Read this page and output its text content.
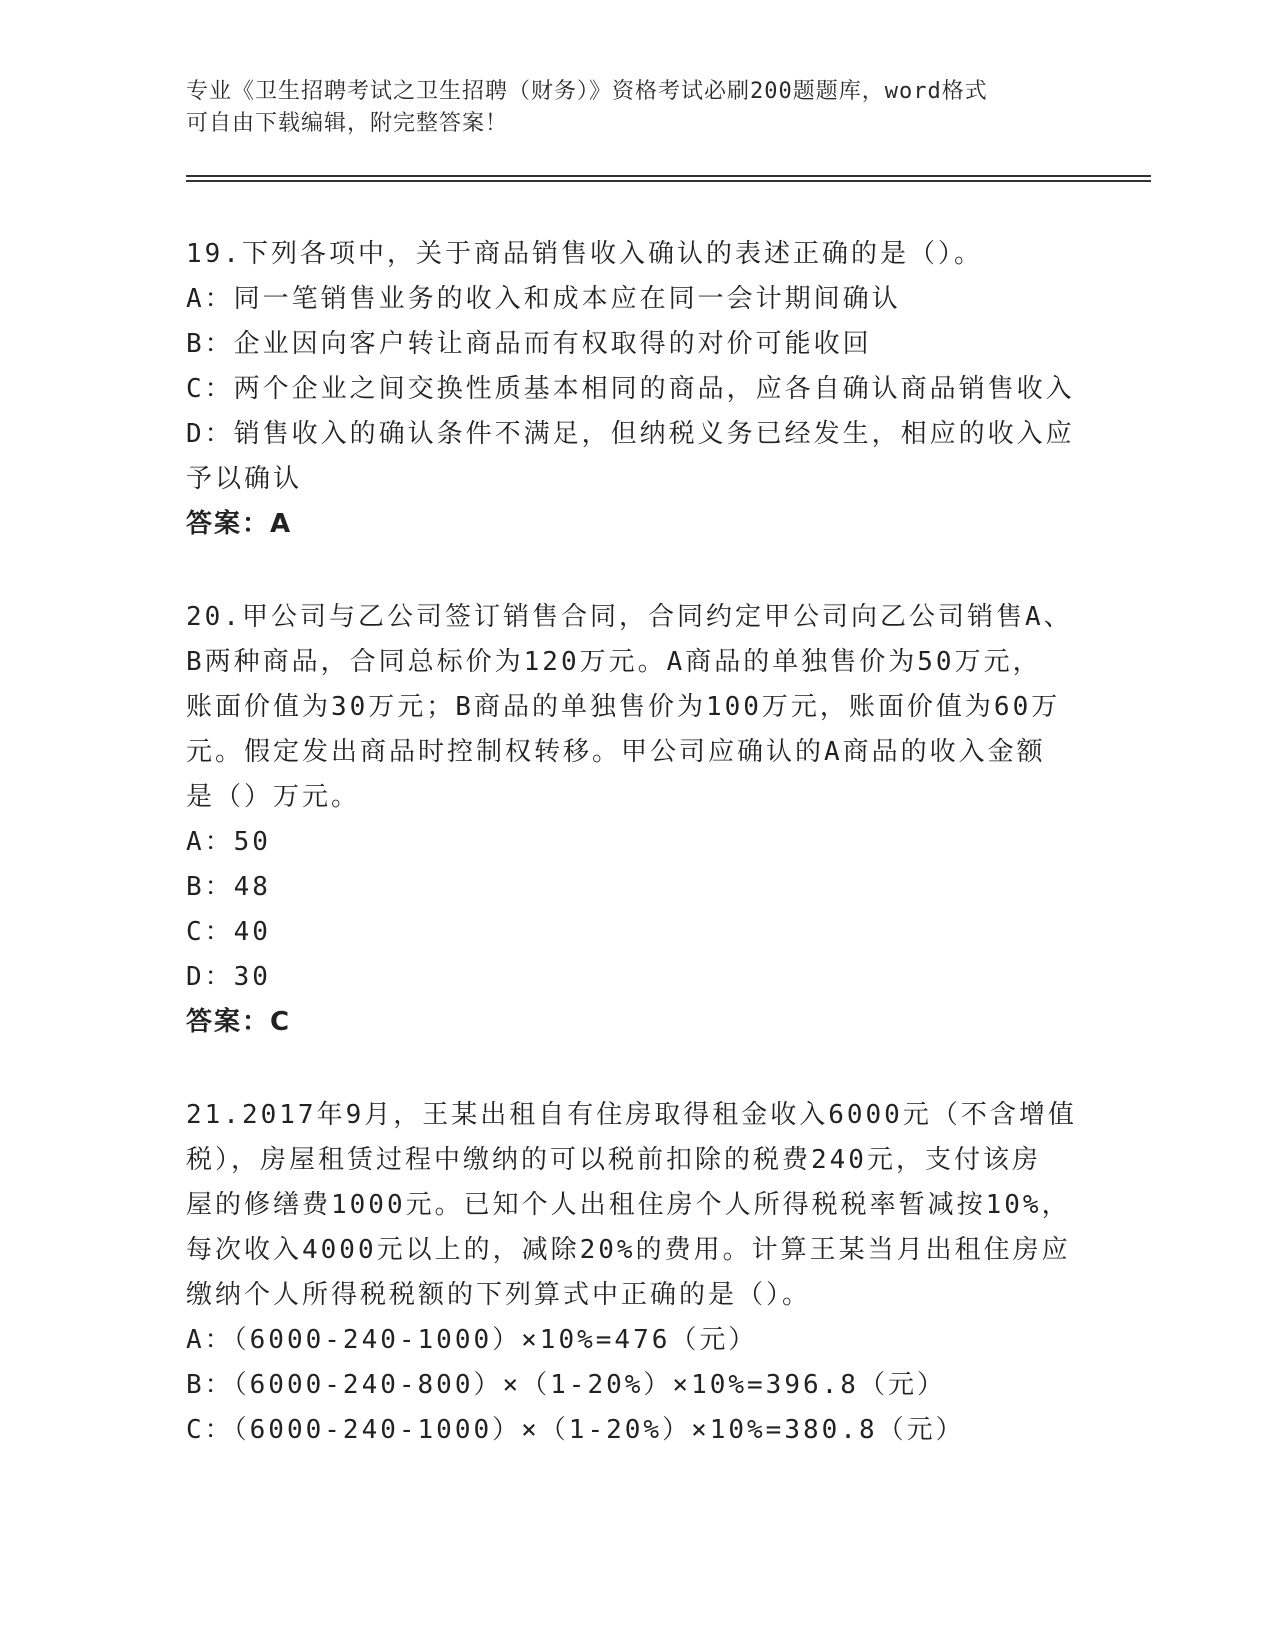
专业《卫生招聘考试之卫生招聘（财务）》资格考试必刷200题题库，word格式
可自由下载编辑，附完整答案！
19.下列各项中，关于商品销售收入确认的表述正确的是（）。
A：同一笔销售业务的收入和成本应在同一会计期间确认
B：企业因向客户转让商品而有权取得的对价可能收回
C：两个企业之间交换性质基本相同的商品，应各自确认商品销售收入
D：销售收入的确认条件不满足，但纳税义务已经发生，相应的收入应
予以确认
答案：A
20.甲公司与乙公司签订销售合同，合同约定甲公司向乙公司销售A、
B两种商品，合同总标价为120万元。A商品的单独售价为50万元，
账面价值为30万元；B商品的单独售价为100万元，账面价值为60万
元。假定发出商品时控制权转移。甲公司应确认的A商品的收入金额
是（）万元。
A：50
B：48
C：40
D：30
答案：C
21.2017年9月，王某出租自有住房取得租金收入6000元（不含增值
税），房屋租赁过程中缴纳的可以税前扣除的税费240元，支付该房
屋的修缮费1000元。已知个人出租住房个人所得税税率暂减按10%，
每次收入4000元以上的，减除20%的费用。计算王某当月出租住房应
缴纳个人所得税税额的下列算式中正确的是（）。
A：（6000-240-1000）×10%=476（元）
B：（6000-240-800）×（1-20%）×10%=396.8（元）
C：（6000-240-1000）×（1-20%）×10%=380.8（元）
